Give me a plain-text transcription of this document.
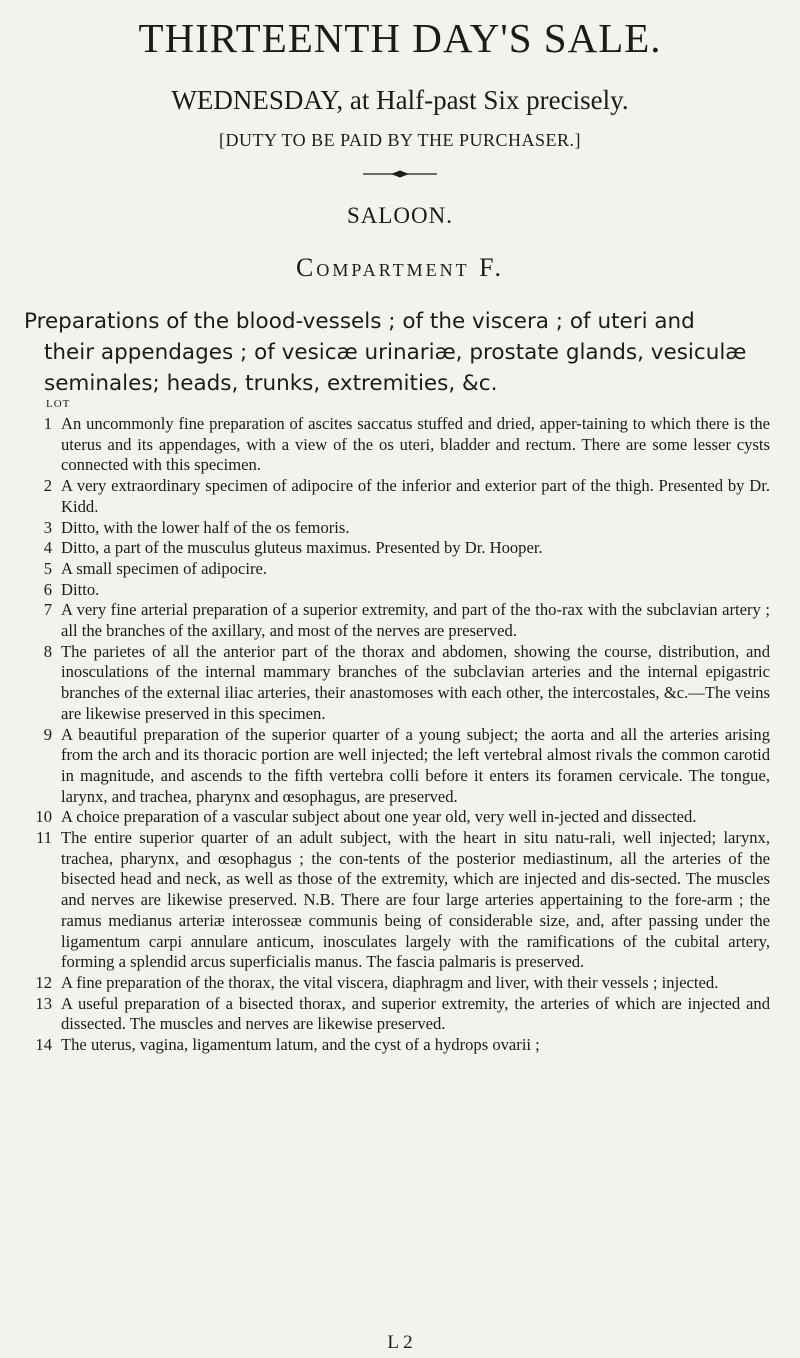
THIRTEENTH DAY'S SALE.
WEDNESDAY, at Half-past Six precisely.
[DUTY TO BE PAID BY THE PURCHASER.]
SALOON.
Compartment F.
Preparations of the blood-vessels ; of the viscera ; of uteri and
their appendages ; of vesicæ urinariæ, prostate glands, vesiculæ
seminales; heads, trunks, extremities, &c.
LOT
1 An uncommonly fine preparation of ascites saccatus stuffed and dried, apper-taining to which there is the uterus and its appendages, with a view of the os uteri, bladder and rectum. There are some lesser cysts connected with this specimen.
2 A very extraordinary specimen of adipocire of the inferior and exterior part of the thigh. Presented by Dr. Kidd.
3 Ditto, with the lower half of the os femoris.
4 Ditto, a part of the musculus gluteus maximus. Presented by Dr. Hooper.
5 A small specimen of adipocire.
6 Ditto.
7 A very fine arterial preparation of a superior extremity, and part of the tho-rax with the subclavian artery ; all the branches of the axillary, and most of the nerves are preserved.
8 The parietes of all the anterior part of the thorax and abdomen, showing the course, distribution, and inosculations of the internal mammary branches of the subclavian arteries and the internal epigastric branches of the external iliac arteries, their anastomoses with each other, the intercostales, &c.—The veins are likewise preserved in this specimen.
9 A beautiful preparation of the superior quarter of a young subject; the aorta and all the arteries arising from the arch and its thoracic portion are well injected; the left vertebral almost rivals the common carotid in magnitude, and ascends to the fifth vertebra colli before it enters its foramen cervicale. The tongue, larynx, and trachea, pharynx and œsophagus, are preserved.
10 A choice preparation of a vascular subject about one year old, very well in-jected and dissected.
11 The entire superior quarter of an adult subject, with the heart in situ natu-rali, well injected; larynx, trachea, pharynx, and œsophagus ; the con-tents of the posterior mediastinum, all the arteries of the bisected head and neck, as well as those of the extremity, which are injected and dis-sected. The muscles and nerves are likewise preserved. N.B. There are four large arteries appertaining to the fore-arm ; the ramus medianus arteriæ interosseæ communis being of considerable size, and, after passing under the ligamentum carpi annulare anticum, inosculates largely with the ramifications of the cubital artery, forming a splendid arcus superficialis manus. The fascia palmaris is preserved.
12 A fine preparation of the thorax, the vital viscera, diaphragm and liver, with their vessels ; injected.
13 A useful preparation of a bisected thorax, and superior extremity, the arteries of which are injected and dissected. The muscles and nerves are likewise preserved.
14 The uterus, vagina, ligamentum latum, and the cyst of a hydrops ovarii ;
L 2
